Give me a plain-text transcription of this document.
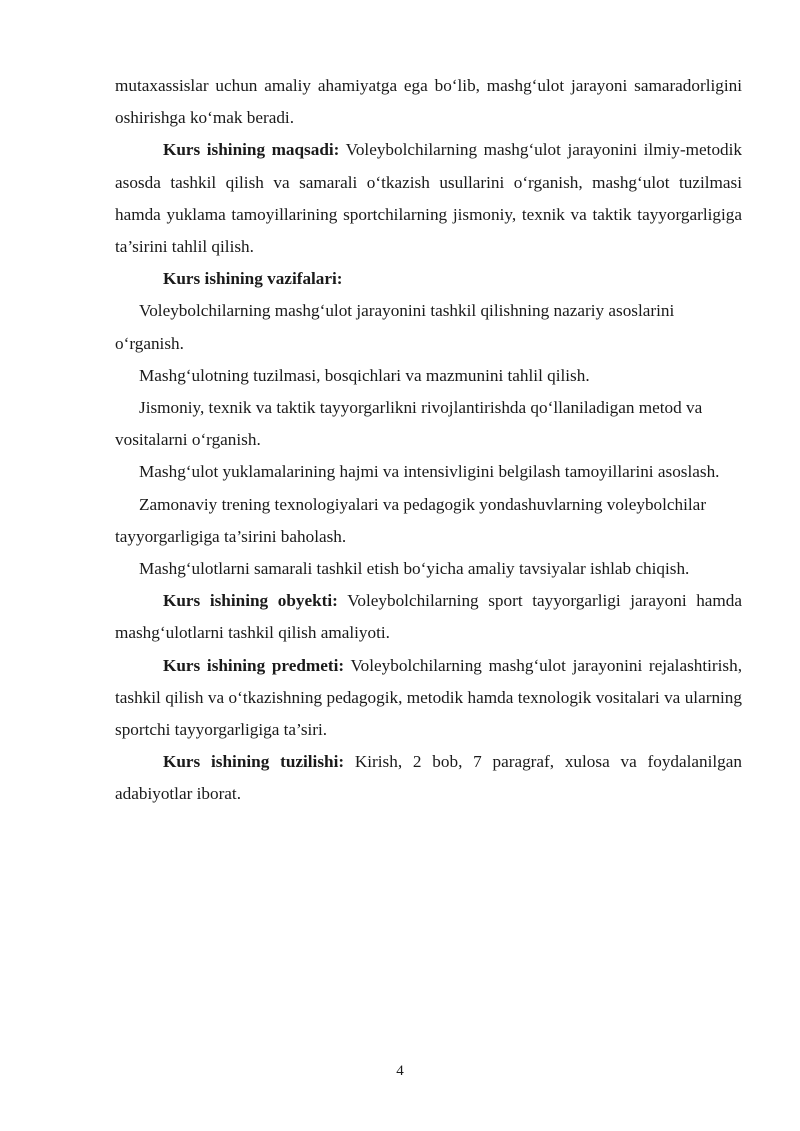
mutaxassislar uchun amaliy ahamiyatga ega bo‘lib, mashg‘ulot jarayoni samaradorligini oshirishga ko‘mak beradi.

Kurs ishining maqsadi: Voleybolchilarning mashg‘ulot jarayonini ilmiy-metodik asosda tashkil qilish va samarali o‘tkazish usullarini o‘rganish, mashg‘ulot tuzilmasi hamda yuklama tamoyillarining sportchilarning jismoniy, texnik va taktik tayyorgarligiga ta’sirini tahlil qilish.

Kurs ishining vazifalari:

Voleybolchilarning mashg‘ulot jarayonini tashkil qilishning nazariy asoslarini o‘rganish.

Mashg‘ulotning tuzilmasi, bosqichlari va mazmunini tahlil qilish.

Jismoniy, texnik va taktik tayyorgarlikni rivojlantirishda qo‘llaniladigan metod va vositalarni o‘rganish.

Mashg‘ulot yuklamalarining hajmi va intensivligini belgilash tamoyillarini asoslash.

Zamonaviy trening texnologiyalari va pedagogik yondashuvlarning voleybolchilar tayyorgarligiga ta’sirini baholash.

Mashg‘ulotlarni samarali tashkil etish bo‘yicha amaliy tavsiyalar ishlab chiqish.

Kurs ishining obyekti: Voleybolchilarning sport tayyorgarligi jarayoni hamda mashg‘ulotlarni tashkil qilish amaliyoti.

Kurs ishining predmeti: Voleybolchilarning mashg‘ulot jarayonini rejalashtirish, tashkil qilish va o‘tkazishning pedagogik, metodik hamda texnologik vositalari va ularning sportchi tayyorgarligiga ta’siri.

Kurs ishining tuzilishi: Kirish, 2 bob, 7 paragraf, xulosa va foydalanilgan adabiyotlar iborat.

4
